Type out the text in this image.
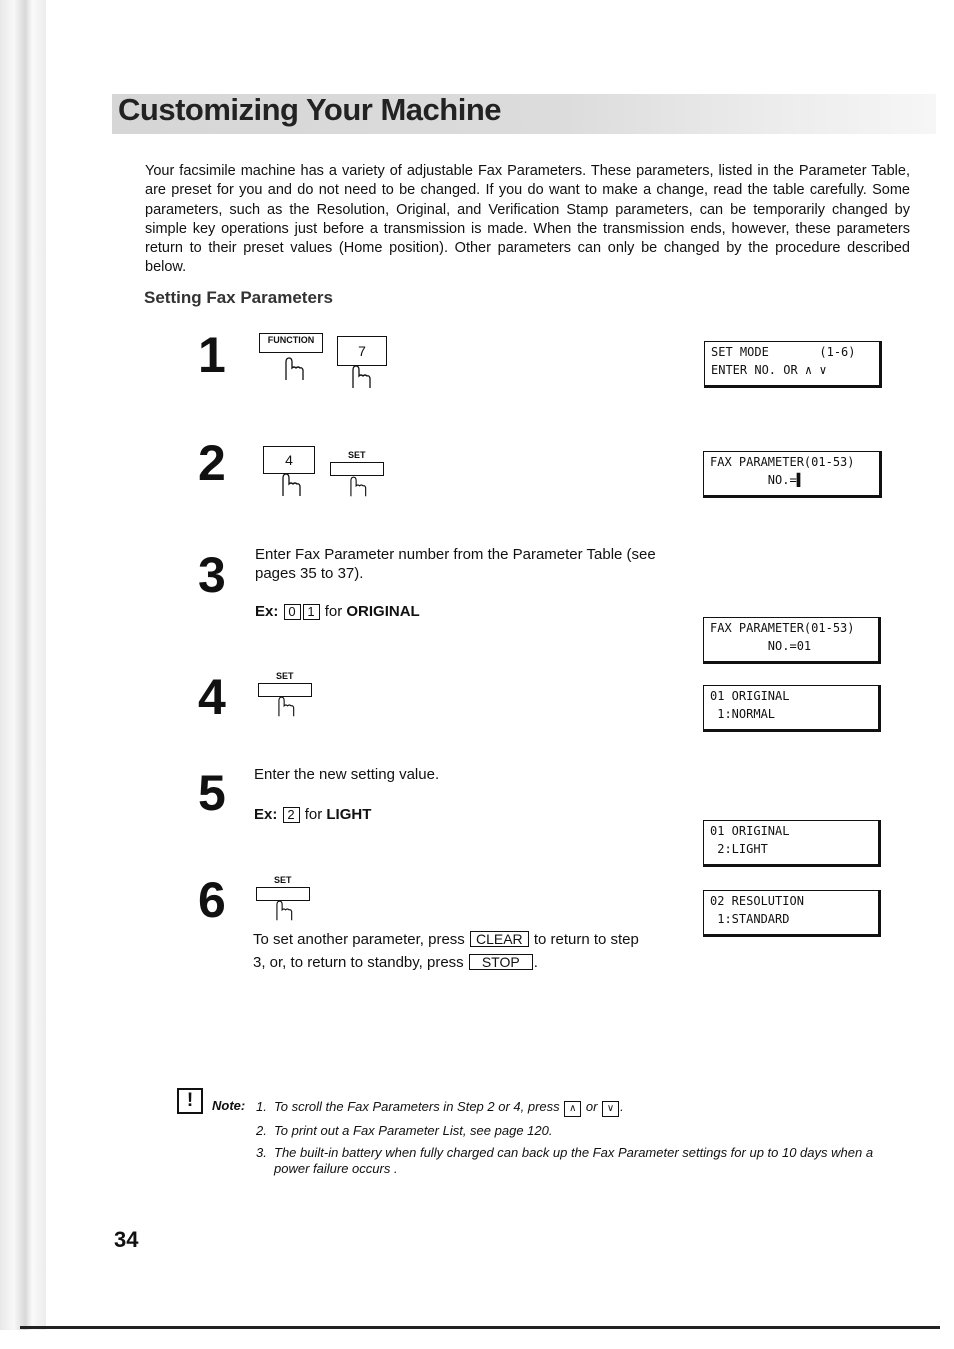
Customizing Your Machine

Your facsimile machine has a variety of adjustable Fax Parameters. These parameters, listed in the Parameter Table, are preset for you and do not need to be changed. If you do want to make a change, read the table carefully. Some parameters, such as the Resolution, Original, and Verification Stamp parameters, can be temporarily changed by simple key operations just before a transmission is made. When the transmission ends, however, these parameters return to their preset values (Home position). Other parameters can only be changed by the procedure described below.

Setting Fax Parameters
1	FUNCTION
7
2	4	SET
3 Enter Fax Parameter number from the Parameter Table (see pages 35 to 37).

Ex: 0 1 for ORIGINAL
4	SET
5 Enter the new setting value.

Ex: 2 for LIGHT
6	SET

To set another parameter, press CLEAR to return to step 3, or, to return to standby, press STOP .

SET MODE       (1-6)
ENTER NO. OR ∧ ∨
FAX PARAMETER(01-53)
NO.=▌
FAX PARAMETER(01-53)
NO.=01
01 ORIGINAL
1:NORMAL
01 ORIGINAL
2:LIGHT
02 RESOLUTION
1:STANDARD
!	Note: 1. To scroll the Fax Parameters in Step 2 or 4, press ∧ or ∨ .
2. To print out a Fax Parameter List, see page 120.
3. The built-in battery when fully charged can back up the Fax Parameter settings for up to 10 days when a power failure occurs .
34
